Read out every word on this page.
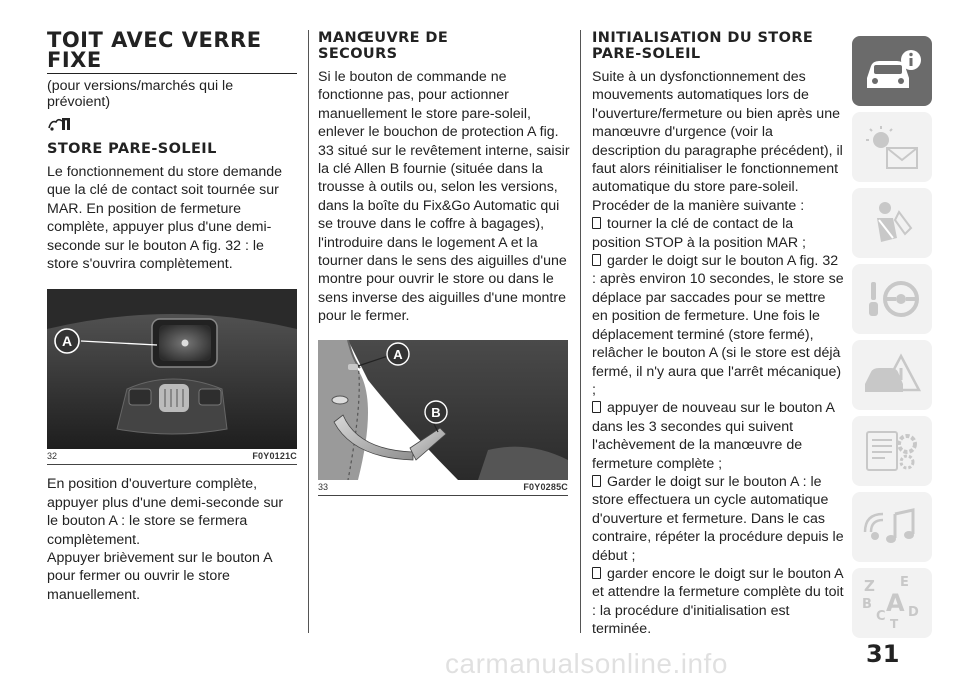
TOIT AVEC VERRE FIXE

(pour versions/marchés qui le prévoient)

STORE PARE-SOLEIL

Le fonctionnement du store demande que la clé de contact soit tournée sur MAR. En position de fermeture complète, appuyer plus d'une demi-seconde sur le bouton A fig. 32 : le store s'ouvrira complètement.

A
32	F0Y0121C

En position d'ouverture complète, appuyer plus d'une demi-seconde sur le bouton A : le store se fermera complètement.

Appuyer brièvement sur le bouton A pour fermer ou ouvrir le store manuellement.

MANŒUVRE DE SECOURS

Si le bouton de commande ne fonctionne pas, pour actionner manuellement le store pare-soleil, enlever le bouchon de protection A fig. 33 situé sur le revêtement interne, saisir la clé Allen B fournie (située dans la trousse à outils ou, selon les versions, dans la boîte du Fix&Go Automatic qui se trouve dans le coffre à bagages), l'introduire dans le logement A et la tourner dans le sens des aiguilles d'une montre pour ouvrir le store ou dans le sens inverse des aiguilles d'une montre pour le fermer.

A
B
33	F0Y0285C
INITIALISATION DU STORE PARE-SOLEIL

Suite à un dysfonctionnement des mouvements automatiques lors de l'ouverture/fermeture ou bien après une manœuvre d'urgence (voir la description du paragraphe précédent), il faut alors réinitialiser le fonctionnement automatique du store pare-soleil. Procéder de la manière suivante :

tourner la clé de contact de la position STOP à la position MAR ;

garder le doigt sur le bouton A fig. 32 : après environ 10 secondes, le store se déplace par saccades pour se mettre en position de fermeture. Une fois le déplacement terminé (store fermé), relâcher le bouton A (si le store est déjà fermé, il n'y aura que l'arrêt mécanique) ;

appuyer de nouveau sur le bouton A dans les 3 secondes qui suivent l'achèvement de la manœuvre de fermeture complète ;

Garder le doigt sur le bouton A : le store effectuera un cycle automatique d'ouverture et fermeture. Dans le cas contraire, répéter la procédure depuis le début ;

garder encore le doigt sur le bouton A et attendre la fermeture complète du toit : la procédure d'initialisation est terminée.

Z E
B A
C D
T
31
carmanualsonline.info
